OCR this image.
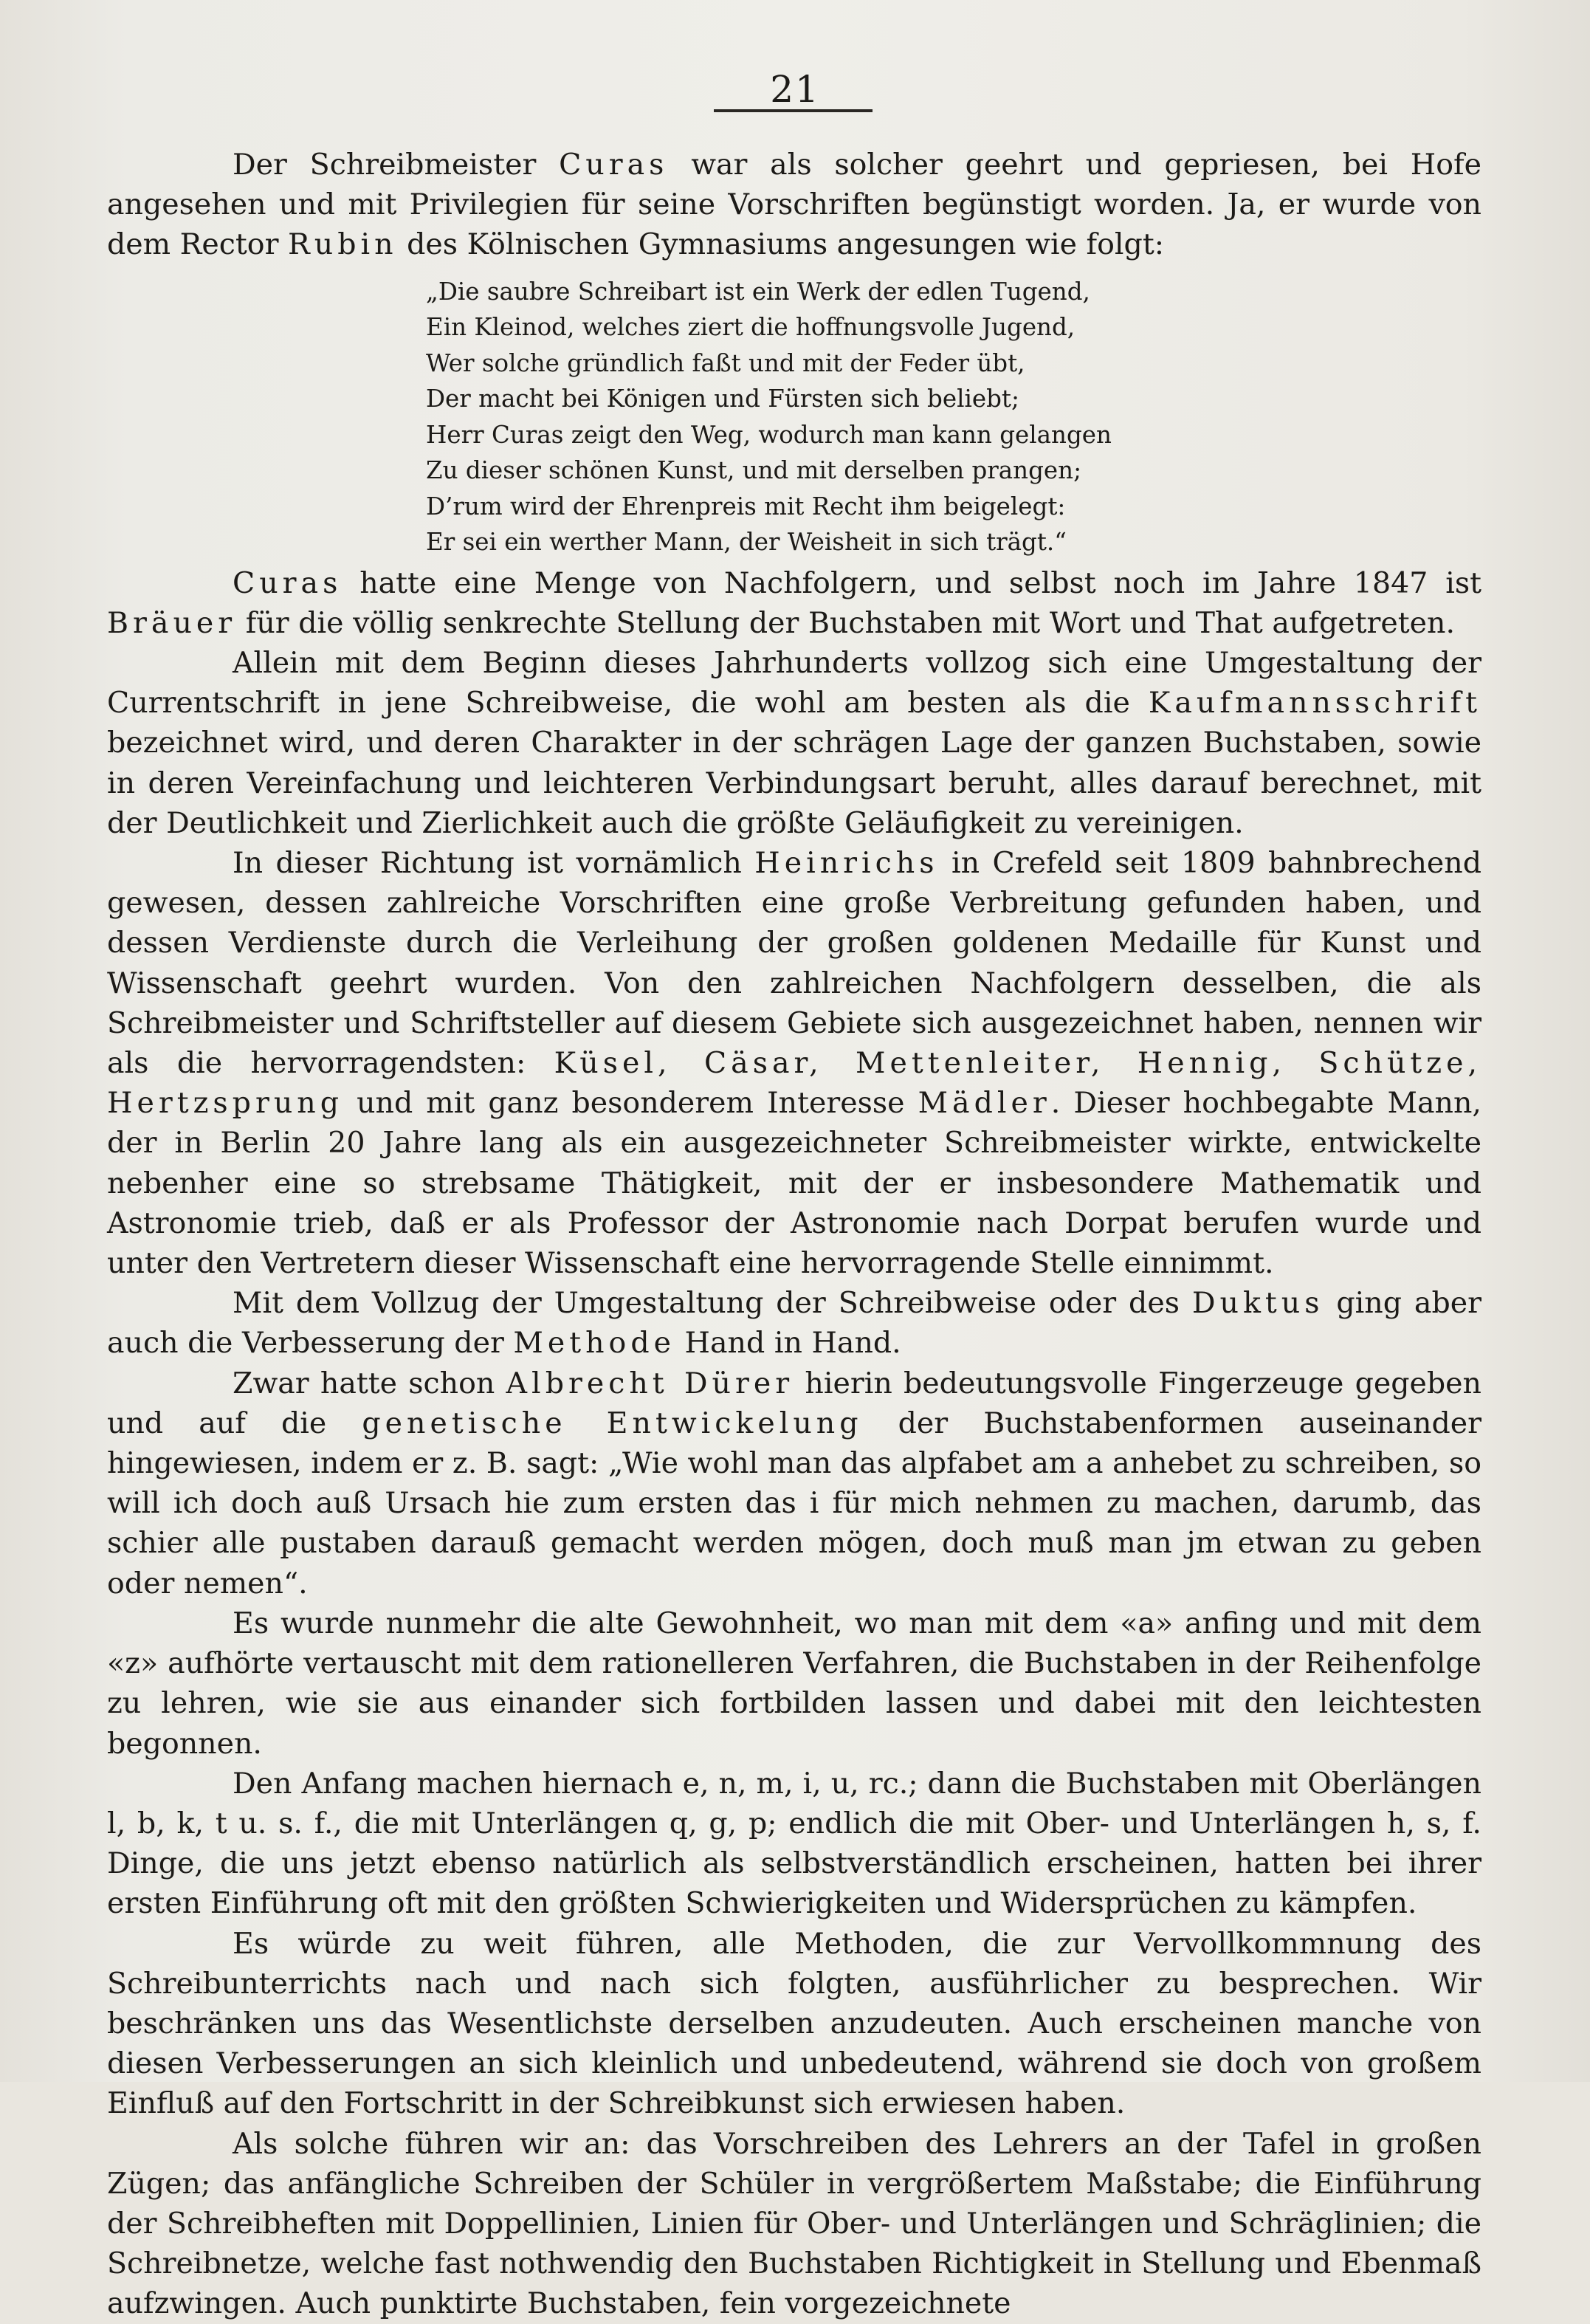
21

Der Schreibmeister Curas war als solcher geehrt und gepriesen, bei Hofe angesehen und mit Privilegien für seine Vorschriften begünstigt worden. Ja, er wurde von dem Rector Rubin des Kölnischen Gymnasiums angesungen wie folgt:

„Die saubre Schreibart ist ein Werk der edlen Tugend,
Ein Kleinod, welches ziert die hoffnungsvolle Jugend,
Wer solche gründlich faßt und mit der Feder übt,
Der macht bei Königen und Fürsten sich beliebt;
Herr Curas zeigt den Weg, wodurch man kann gelangen
Zu dieser schönen Kunst, und mit derselben prangen;
D’rum wird der Ehrenpreis mit Recht ihm beigelegt:
Er sei ein werther Mann, der Weisheit in sich trägt.“

Curas hatte eine Menge von Nachfolgern, und selbst noch im Jahre 1847 ist Bräuer für die völlig senkrechte Stellung der Buchstaben mit Wort und That aufgetreten.

Allein mit dem Beginn dieses Jahrhunderts vollzog sich eine Umgestaltung der Currentschrift in jene Schreibweise, die wohl am besten als die Kaufmannsschrift bezeichnet wird, und deren Charakter in der schrägen Lage der ganzen Buchstaben, sowie in deren Vereinfachung und leichteren Verbindungsart beruht, alles darauf berechnet, mit der Deutlichkeit und Zierlichkeit auch die größte Geläufigkeit zu vereinigen.

In dieser Richtung ist vornämlich Heinrichs in Crefeld seit 1809 bahnbrechend gewesen, dessen zahlreiche Vorschriften eine große Verbreitung gefunden haben, und dessen Verdienste durch die Verleihung der großen goldenen Medaille für Kunst und Wissenschaft geehrt wurden. Von den zahlreichen Nachfolgern desselben, die als Schreibmeister und Schriftsteller auf diesem Gebiete sich ausgezeichnet haben, nennen wir als die hervorragendsten: Küsel, Cäsar, Mettenleiter, Hennig, Schütze, Hertzsprung und mit ganz besonderem Interesse Mädler. Dieser hochbegabte Mann, der in Berlin 20 Jahre lang als ein ausgezeichneter Schreibmeister wirkte, entwickelte nebenher eine so strebsame Thätigkeit, mit der er insbesondere Mathematik und Astronomie trieb, daß er als Professor der Astronomie nach Dorpat berufen wurde und unter den Vertretern dieser Wissenschaft eine hervorragende Stelle einnimmt.

Mit dem Vollzug der Umgestaltung der Schreibweise oder des Duktus ging aber auch die Verbesserung der Methode Hand in Hand.

Zwar hatte schon Albrecht Dürer hierin bedeutungsvolle Fingerzeuge gegeben und auf die genetische Entwickelung der Buchstabenformen auseinander hingewiesen, indem er z. B. sagt: „Wie wohl man das alpfabet am a anhebet zu schreiben, so will ich doch auß Ursach hie zum ersten das i für mich nehmen zu machen, darumb, das schier alle pustaben darauß gemacht werden mögen, doch muß man jm etwan zu geben oder nemen“.

Es wurde nunmehr die alte Gewohnheit, wo man mit dem «a» anfing und mit dem «z» aufhörte vertauscht mit dem rationelleren Verfahren, die Buchstaben in der Reihenfolge zu lehren, wie sie aus einander sich fortbilden lassen und dabei mit den leichtesten begonnen.

Den Anfang machen hiernach e, n, m, i, u, rc.; dann die Buchstaben mit Oberlängen l, b, k, t u. s. f., die mit Unterlängen q, g, p; endlich die mit Ober- und Unterlängen h, s, f. Dinge, die uns jetzt ebenso natürlich als selbstverständlich erscheinen, hatten bei ihrer ersten Einführung oft mit den größten Schwierigkeiten und Widersprüchen zu kämpfen.

Es würde zu weit führen, alle Methoden, die zur Vervollkommnung des Schreibunterrichts nach und nach sich folgten, ausführlicher zu besprechen. Wir beschränken uns das Wesentlichste derselben anzudeuten. Auch erscheinen manche von diesen Verbesserungen an sich kleinlich und unbedeutend, während sie doch von großem Einfluß auf den Fortschritt in der Schreibkunst sich erwiesen haben.

Als solche führen wir an: das Vorschreiben des Lehrers an der Tafel in großen Zügen; das anfängliche Schreiben der Schüler in vergrößertem Maßstabe; die Einführung der Schreibheften mit Doppellinien, Linien für Ober- und Unterlängen und Schräglinien; die Schreibnetze, welche fast nothwendig den Buchstaben Richtigkeit in Stellung und Ebenmaß aufzwingen. Auch punktirte Buchstaben, fein vorgezeichnete
